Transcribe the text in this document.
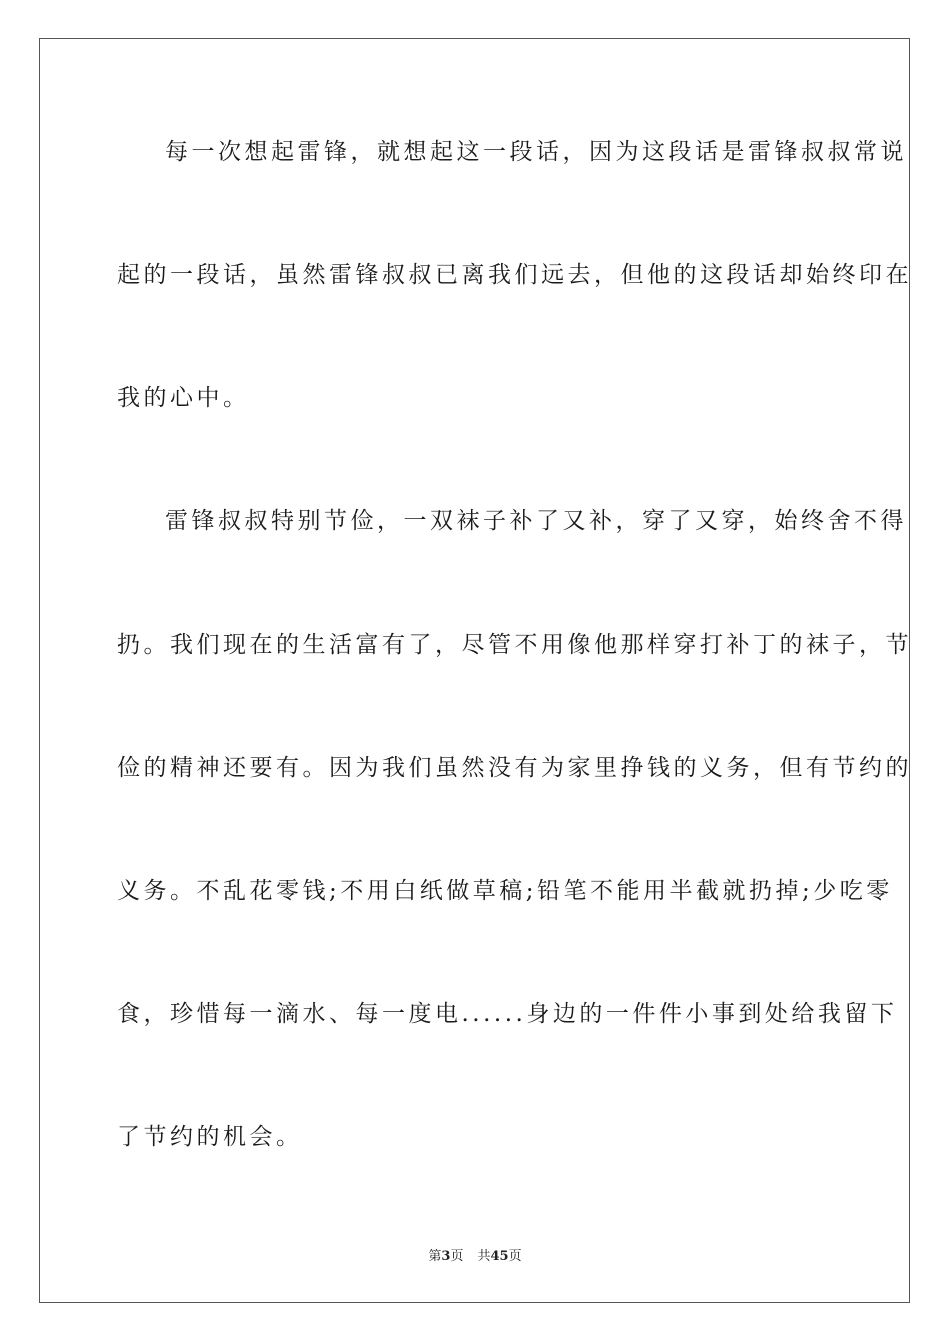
每一次想起雷锋，就想起这一段话，因为这段话是雷锋叔叔常说
起的一段话，虽然雷锋叔叔已离我们远去，但他的这段话却始终印在
我的心中。
雷锋叔叔特别节俭，一双袜子补了又补，穿了又穿，始终舍不得
扔。我们现在的生活富有了，尽管不用像他那样穿打补丁的袜子，节
俭的精神还要有。因为我们虽然没有为家里挣钱的义务，但有节约的
义务。不乱花零钱;不用白纸做草稿;铅笔不能用半截就扔掉;少吃零
食，珍惜每一滴水、每一度电......身边的一件件小事到处给我留下
了节约的机会。
第3页 共45页
